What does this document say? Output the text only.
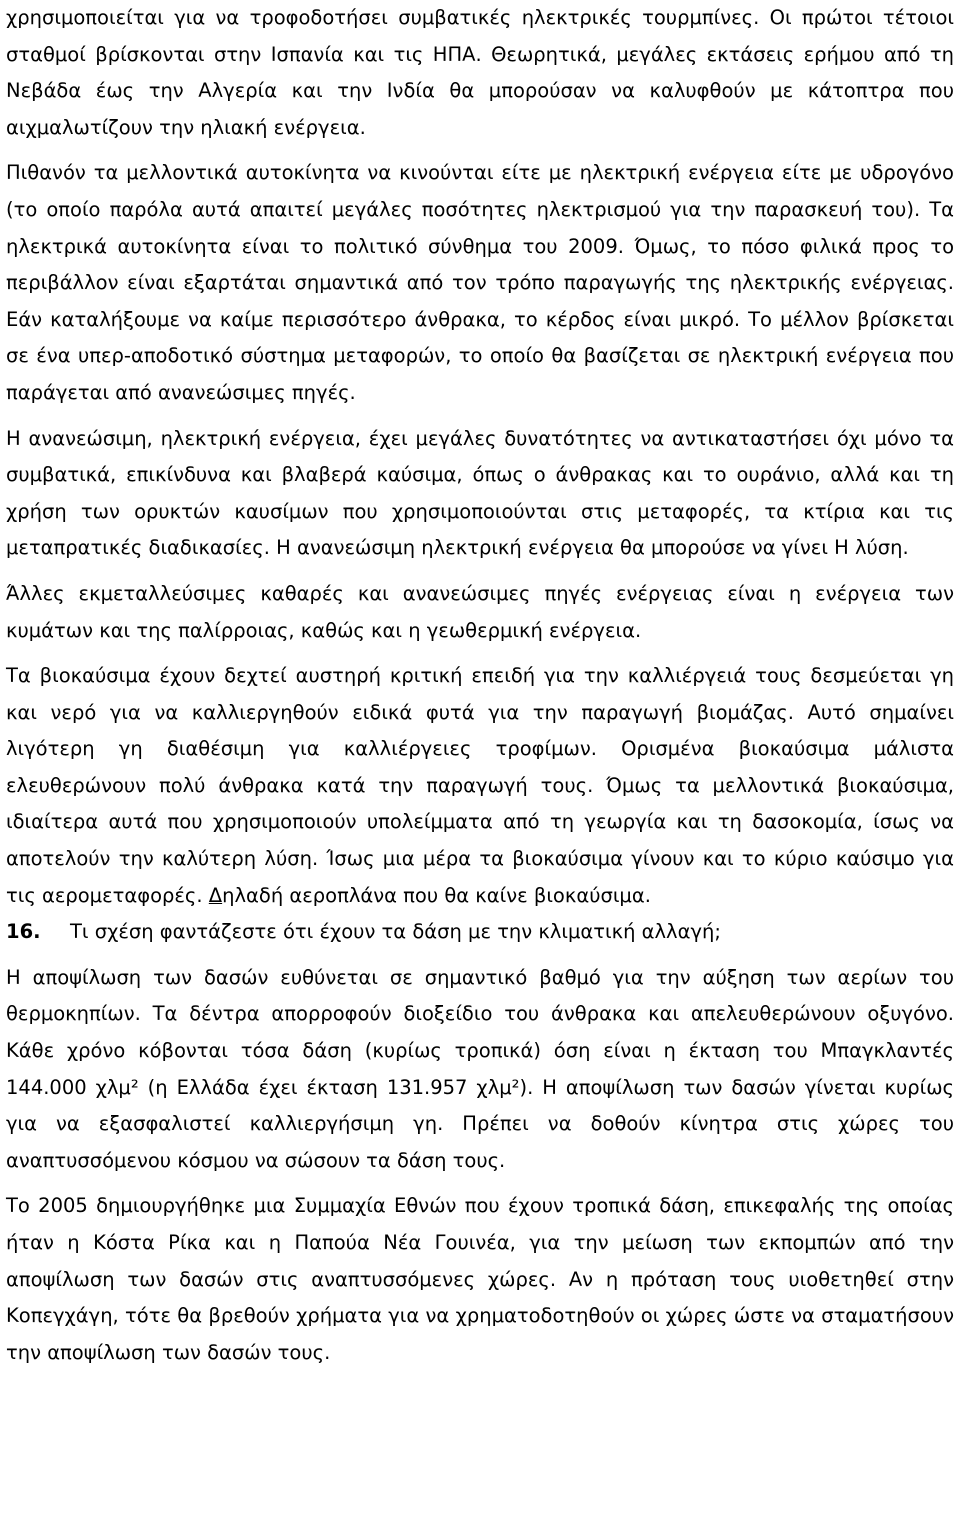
χρησιμοποιείται για να τροφοδοτήσει συμβατικές ηλεκτρικές τουρμπίνες. Οι πρώτοι τέτοιοι σταθμοί βρίσκονται στην Ισπανία και τις ΗΠΑ. Θεωρητικά, μεγάλες εκτάσεις ερήμου από τη Νεβάδα έως την Αλγερία και την Ινδία θα μπορούσαν να καλυφθούν με κάτοπτρα που αιχμαλωτίζουν την ηλιακή ενέργεια.

Πιθανόν τα μελλοντικά αυτοκίνητα να κινούνται είτε με ηλεκτρική ενέργεια είτε με υδρογόνο (το οποίο παρόλα αυτά απαιτεί μεγάλες ποσότητες ηλεκτρισμού για την παρασκευή του). Τα ηλεκτρικά αυτοκίνητα είναι το πολιτικό σύνθημα του 2009. Όμως, το πόσο φιλικά προς το περιβάλλον είναι εξαρτάται σημαντικά από τον τρόπο παραγωγής της ηλεκτρικής ενέργειας. Εάν καταλήξουμε να καίμε περισσότερο άνθρακα, το κέρδος είναι μικρό. Το μέλλον βρίσκεται σε ένα υπερ-αποδοτικό σύστημα μεταφορών, το οποίο θα βασίζεται σε ηλεκτρική ενέργεια που παράγεται από ανανεώσιμες πηγές.

Η ανανεώσιμη, ηλεκτρική ενέργεια, έχει μεγάλες δυνατότητες να αντικαταστήσει όχι μόνο τα συμβατικά, επικίνδυνα και βλαβερά καύσιμα, όπως ο άνθρακας και το ουράνιο, αλλά και τη χρήση των ορυκτών καυσίμων που χρησιμοποιούνται στις μεταφορές, τα κτίρια και τις μεταπρατικές διαδικασίες. Η ανανεώσιμη ηλεκτρική ενέργεια θα μπορούσε να γίνει Η λύση.

Άλλες εκμεταλλεύσιμες καθαρές και ανανεώσιμες πηγές ενέργειας είναι η ενέργεια των κυμάτων και της παλίρροιας, καθώς και η γεωθερμική ενέργεια.

Τα βιοκαύσιμα έχουν δεχτεί αυστηρή κριτική επειδή για την καλλιέργειά τους δεσμεύεται γη και νερό για να καλλιεργηθούν ειδικά φυτά για την παραγωγή βιομάζας. Αυτό σημαίνει λιγότερη γη διαθέσιμη για καλλιέργειες τροφίμων. Ορισμένα βιοκαύσιμα μάλιστα ελευθερώνουν πολύ άνθρακα κατά την παραγωγή τους. Όμως τα μελλοντικά βιοκαύσιμα, ιδιαίτερα αυτά που χρησιμοποιούν υπολείμματα από τη γεωργία και τη δασοκομία, ίσως να αποτελούν την καλύτερη λύση. Ίσως μια μέρα τα βιοκαύσιμα γίνουν και το κύριο καύσιμο για τις αερομεταφορές. Δηλαδή αεροπλάνα που θα καίνε βιοκαύσιμα.

16.	Τι σχέση φαντάζεστε ότι έχουν τα δάση με την κλιματική αλλαγή;

Η αποψίλωση των δασών ευθύνεται σε σημαντικό βαθμό για την αύξηση των αερίων του θερμοκηπίων. Τα δέντρα απορροφούν διοξείδιο του άνθρακα και απελευθερώνουν οξυγόνο. Κάθε χρόνο κόβονται τόσα δάση (κυρίως τροπικά) όση είναι η έκταση του Μπαγκλαντές 144.000 χλμ² (η Ελλάδα έχει έκταση 131.957 χλμ²). Η αποψίλωση των δασών γίνεται κυρίως για να εξασφαλιστεί καλλιεργήσιμη γη. Πρέπει να δοθούν κίνητρα στις χώρες του αναπτυσσόμενου κόσμου να σώσουν τα δάση τους.

Το 2005 δημιουργήθηκε μια Συμμαχία Εθνών που έχουν τροπικά δάση, επικεφαλής της οποίας ήταν η Κόστα Ρίκα και η Παπούα Νέα Γουινέα, για την μείωση των εκπομπών από την αποψίλωση των δασών στις αναπτυσσόμενες χώρες. Αν η πρόταση τους υιοθετηθεί στην Κοπεγχάγη, τότε θα βρεθούν χρήματα για να χρηματοδοτηθούν οι χώρες ώστε να σταματήσουν την αποψίλωση των δασών τους.
